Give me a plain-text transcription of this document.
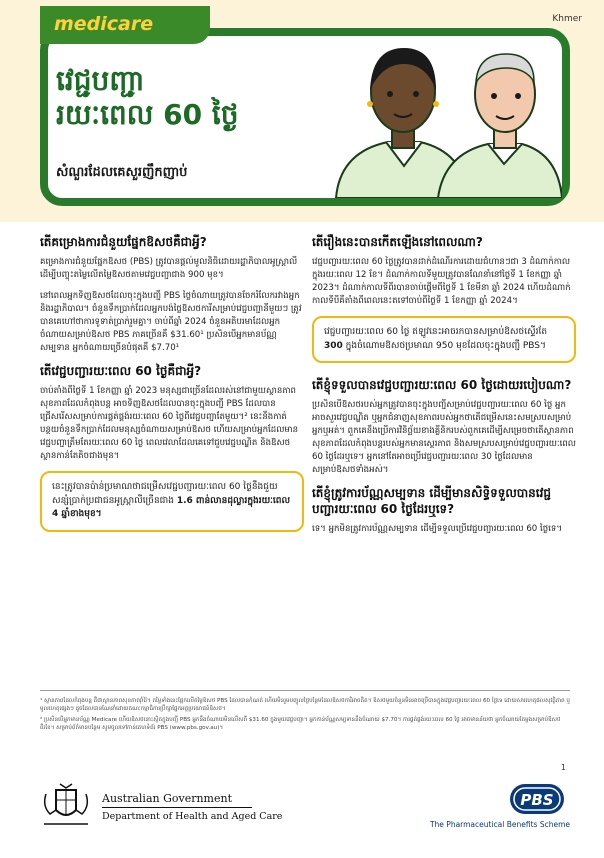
Khmer
medicare
វេជ្ជបញ្ជា
រយៈពេល 60 ថ្ងៃ
សំណួរដែលគេសួរញឹកញាប់
តើគម្រោងការជំនួយផ្នែកឱសថគឺជាអ្វី?
គម្រោងការជំនួយផ្នែកឱសថ (PBS) ត្រូវបានផ្ដល់មូលនិធិដោយរដ្ឋាភិបាលអូស្ត្រាលី ដើម្បីបញ្ចុះតម្លៃលើតម្លៃឱសថតាមវេជ្ជបញ្ជាជាង 900 មុខ។
នៅពេលអ្នកទិញឱសថដែលចុះក្នុងបញ្ជី PBS ថ្លៃចំណាយត្រូវបានចែករំលែករវាងអ្នក និងរដ្ឋាភិបាល។ ចំនួនទឹកប្រាក់ដែលអ្នកបង់ថ្លៃឱសថការីសម្រាប់វេជ្ជបញ្ជានីមួយៗ ត្រូវបានគេហៅថាការទូទាត់ប្រាក់រួមគ្នា។ ចាប់ពីឆ្នាំ 2024 ចំនួនអតិបរមាដែលអ្នកចំណាយសម្រាប់ឱសថ PBS ភាគច្រើនគឺ $31.60¹ ប្រសិនបើអ្នកមានប័ណ្ណសម្បទាន អ្នកចំណាយច្រើនបំផុតគឺ $7.70¹
តើវេជ្ជបញ្ជារយៈពេល 60 ថ្ងៃគឺជាអ្វី?
ចាប់តាំងពីថ្ងៃទី 1 ខែកញ្ញា ឆ្នាំ 2023 មនុស្សជាច្រើនដែលរស់នៅជាមួយស្ថានភាពសុខភាពដែលកំពុងបន្ត អាចទិញឱសថដែលបានចុះក្នុងបញ្ជី PBS ដែលបានជ្រើសរើសសម្រាប់ការផ្គត់ផ្គង់រយៈពេល 60 ថ្ងៃពីវេជ្ជបញ្ជាតែមួយ។² នេះនឹងកាត់បន្ថយចំនួនទឹកប្រាក់ដែលមនុស្សចំណាយសម្រាប់ឱសថ ហើយសម្រាប់អ្នកដែលមានវេជ្ជបញ្ជាត្រឹមតែរយៈពេល 60 ថ្ងៃ ពេលវេលាដែលគេទៅជួបវេជ្ជបណ្ឌិត និងឱសថស្ថានកាន់តែតិចជាងមុន។
នេះត្រូវបានប៉ាន់ប្រមាណថាជម្រើសវេជ្ជបញ្ជារយៈពេល 60 ថ្ងៃនឹងជួយសន្សំប្រាក់ប្រជាជនអូស្ត្រាលីច្រើនជាង 1.6 ពាន់លានដុល្លារក្នុងរយៈពេល 4 ឆ្នាំខាងមុខ។
តើរឿងនេះបានកើតឡើងនៅពេលណា?
វេជ្ជបញ្ជារយៈពេល 60 ថ្ងៃត្រូវបានដាក់ដំណើរការដោយជំហានៗជា 3 ដំណាក់កាលក្នុងរយៈពេល 12 ខែ។ ដំណាក់កាលទីមួយត្រូវបានណែនាំនៅថ្ងៃទី 1 ខែកញ្ញា ឆ្នាំ 2023។ ដំណាក់កាលទីពីរបានចាប់ផ្ដើមពីថ្ងៃទី 1 ខែមីនា ឆ្នាំ 2024 ហើយដំណាក់កាលទីបីគឺតាំងពីពេលនេះតទៅចាប់ពីថ្ងៃទី 1 ខែកញ្ញា ឆ្នាំ 2024។
វេជ្ជបញ្ជារយៈពេល 60 ថ្ងៃ ឥឡូវនេះអាចរកបានសម្រាប់ឱសថស្ទើរតែ 300 ក្នុងចំណោមឱសថប្រមាណ 950 មុខដែលចុះក្នុងបញ្ជី PBS។
តើខ្ញុំទទួលបានវេជ្ជបញ្ជារយៈពេល 60 ថ្ងៃដោយរបៀបណា?
ប្រសិនបើឱសថរបស់អ្នកត្រូវបានចុះក្នុងបញ្ជីសម្រាប់វេជ្ជបញ្ជារយៈពេល 60 ថ្ងៃ អ្នកអាចសួរវេជ្ជបណ្ឌិត ឬអ្នកជំនាញសុខភាពរបស់អ្នកថាតើជម្រើសនេះសមស្របសម្រាប់អ្នកឬអត់។ ពួកគេនឹងប្រើការវិនិច្ឆ័យខាងគ្លីនិករបស់ពួកគេដើម្បីសម្រេចថាតើស្ថានភាពសុខភាពដែលកំពុងបន្តរបស់អ្នកមានស្ថេរភាព និងសមស្របសម្រាប់វេជ្ជបញ្ជារយៈពេល 60 ថ្ងៃដែរឬទេ។ អ្នកនៅតែអាចប្រើវេជ្ជបញ្ជារយៈពេល 30 ថ្ងៃដែលមានសម្រាប់ឱសថទាំងអស់។
តើខ្ញុំត្រូវការប័ណ្ណសម្បទាន ដើម្បីមានសិទ្ធិទទួលបានវេជ្ជបញ្ជារយៈពេល 60 ថ្ងៃដែរឬទេ?
ទេ។ អ្នកមិនត្រូវការប័ណ្ណសម្បទាន ដើម្បីទទួលប្រើវេជ្ជបញ្ជារយៈពេល 60 ថ្ងៃទេ។
¹ ស្ថានភាពដែលកំពុងបន្ត គឺជាស្ថានភាពសុខភាពរ៉ាំរ៉ៃ។ តម្លៃទាំងនេះផ្អែកលើតម្លៃឱសថ PBS ដែលបានកំណត់ ហើយមិនរួមបញ្ចូលថ្លៃបន្ថែមដែលឱសថការីអាចគិត។ ឱសថមួយចំនួនមិនអាចប្រើបានក្នុងវេជ្ជបញ្ជារយៈពេល 60 ថ្ងៃទេ ដោយសារហេតុផលសុវត្ថិភាព ឬមូលហេតុផ្សេងៗ ដូចដែលបានណែនាំដោយគណៈកម្មាធិការប្រឹក្សាផ្នែកអត្ថប្រយោជន៍ឱសថ។
² ប្រសិនបើអ្នកមានប័ណ្ណ Medicare ហើយឱសថនោះស្ថិតក្នុងបញ្ជី PBS អ្នកនឹងចំណាយមិនលើសពី $31.60 ក្នុងមួយវេជ្ជបញ្ជា។ អ្នកកាន់ប័ណ្ណសម្បទាននឹងចំណាយ $7.70។ ការផ្គត់ផ្គង់រយៈពេល 60 ថ្ងៃ អាចមានន័យថា អ្នកចំណាយតែម្ដងសម្រាប់ឱសថពីរខែ។ សម្រាប់ព័ត៌មានបន្ថែម សូមចូលទៅកាន់គេហទំព័រ PBS (www.pbs.gov.au)។
1
Australian Government
Department of Health and Aged Care
PBS
The Pharmaceutical Benefits Scheme
